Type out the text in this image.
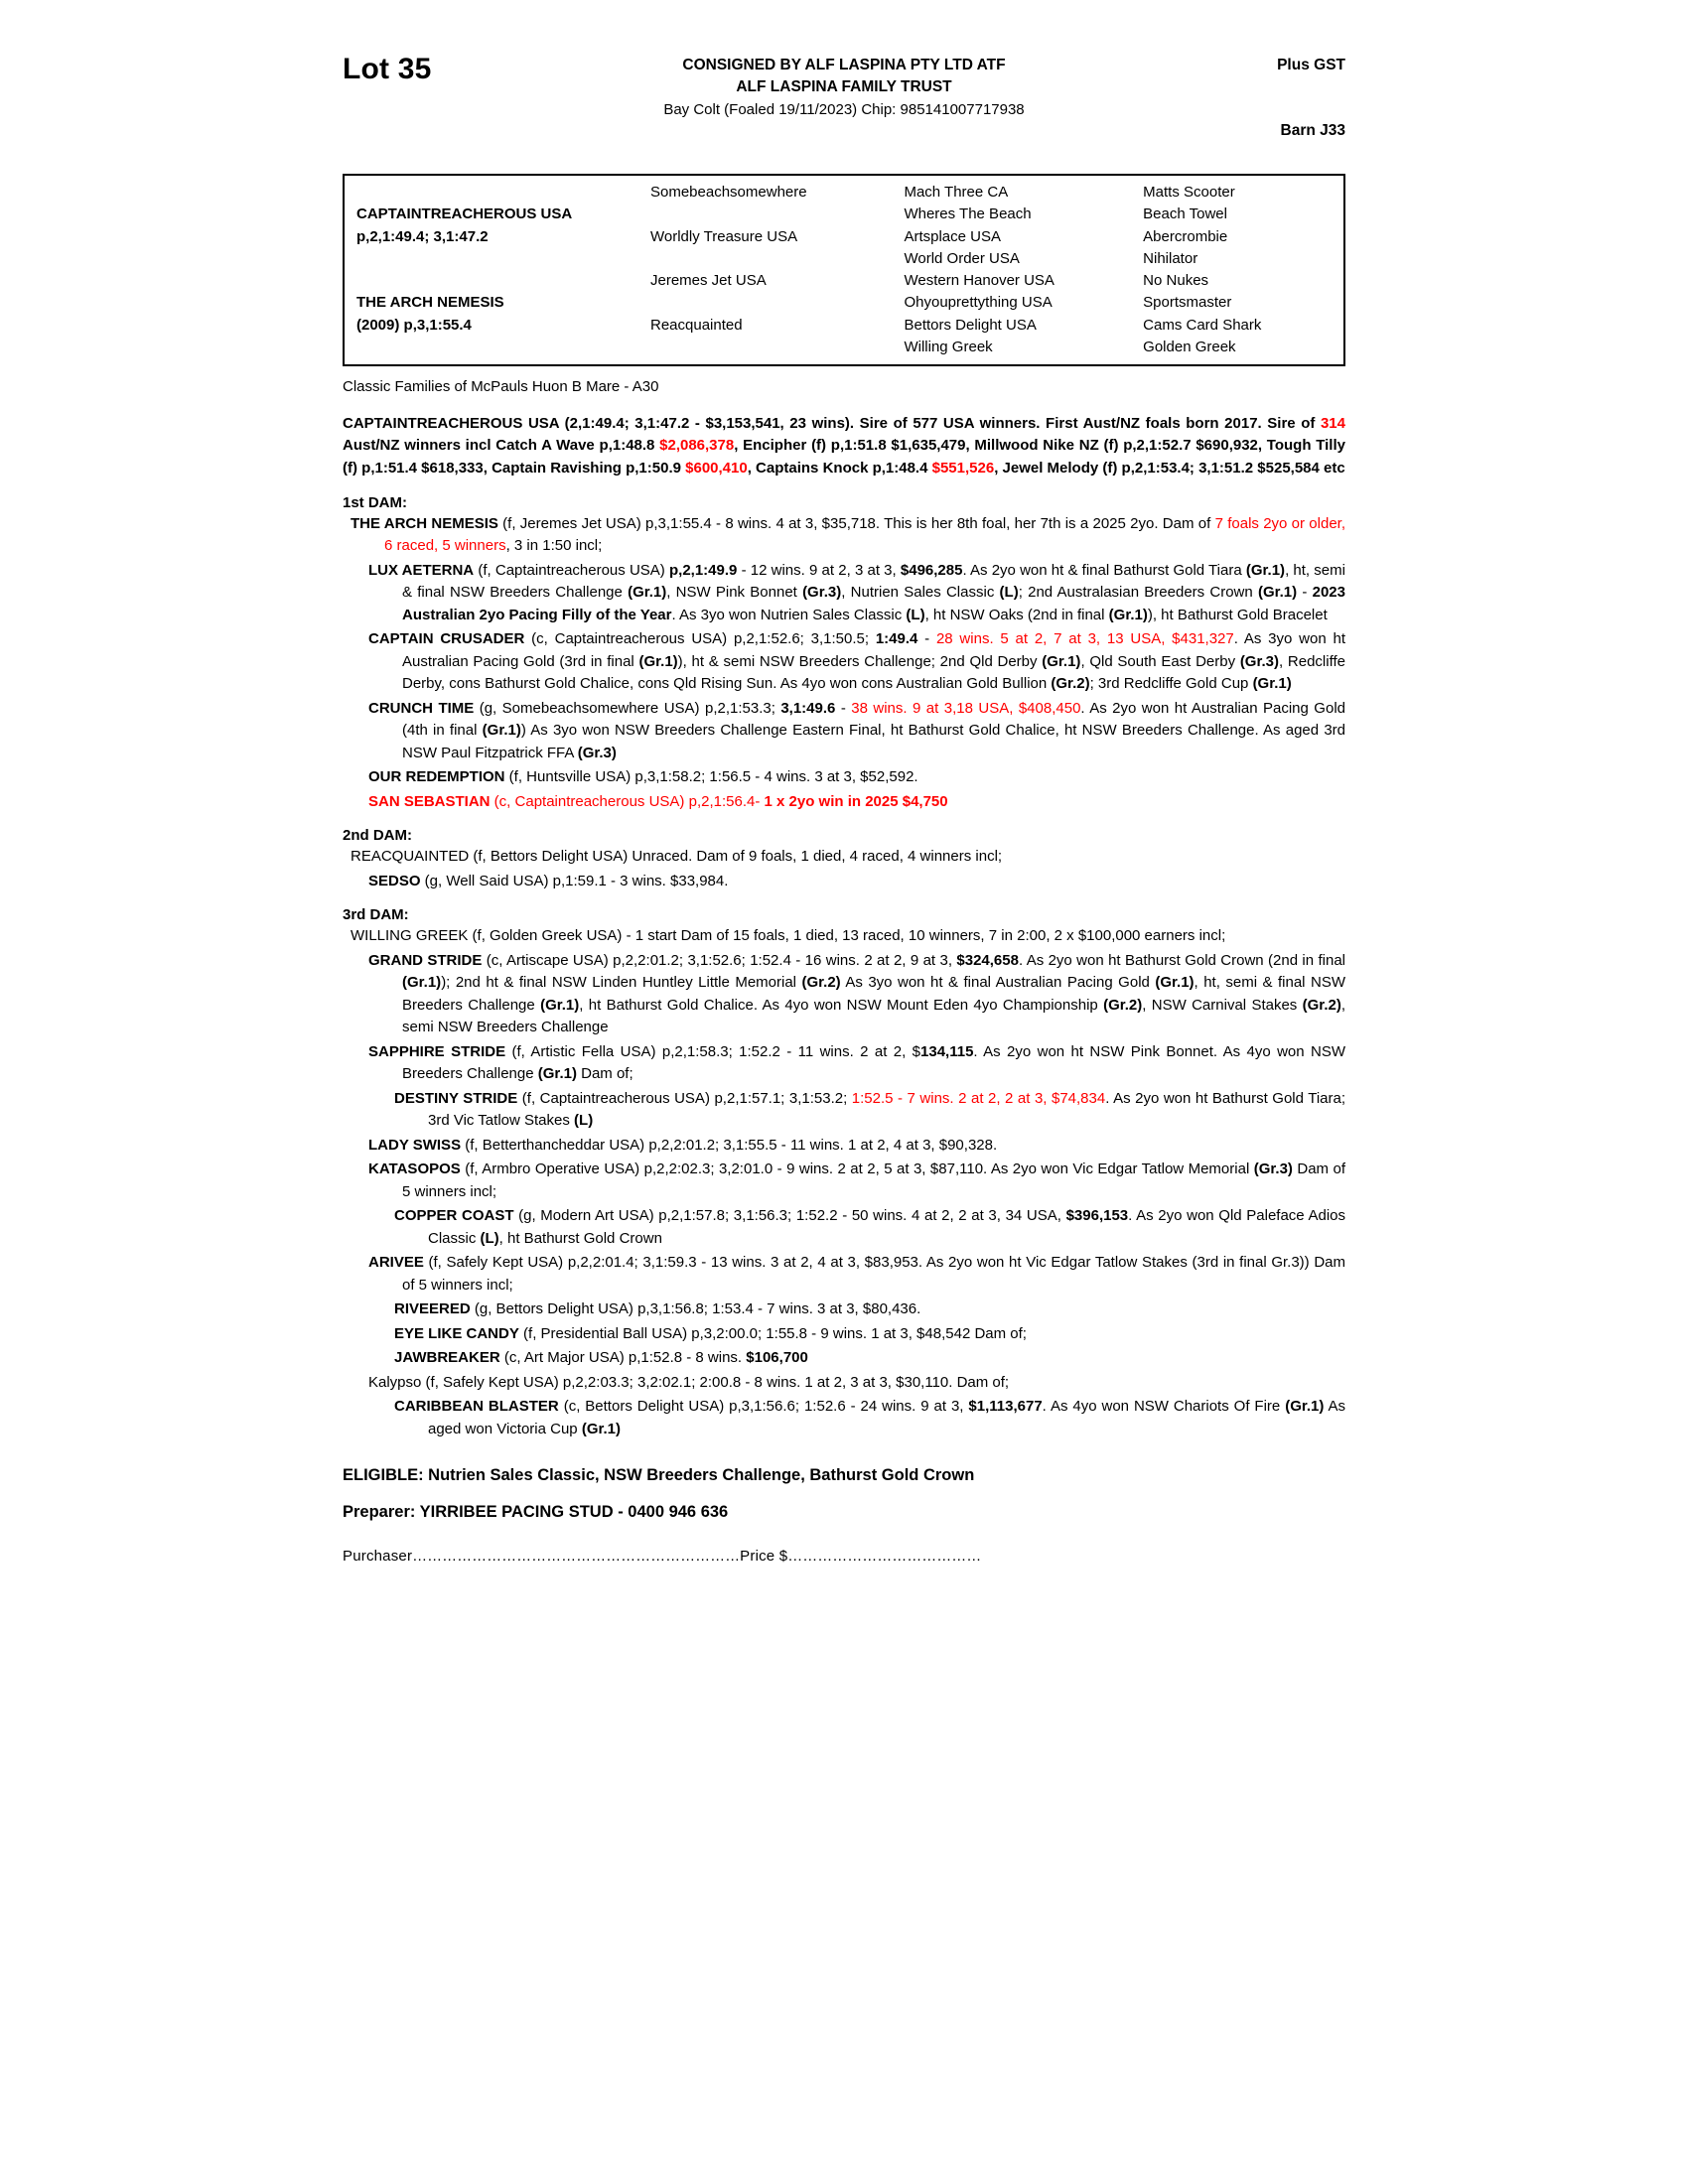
Lot 35	CONSIGNED BY ALF LASPINA PTY LTD ATF
ALF LASPINA FAMILY TRUST
Bay Colt (Foaled 19/11/2023) Chip: 985141007717938
Plus GST
Barn J33
	Somebeachsomewhere	Mach Three CA	Matts Scooter
CAPTAINTREACHEROUS USA		Wheres The Beach	Beach Towel
p,2,1:49.4; 3,1:47.2	Worldly Treasure USA	Artsplace USA	Abercrombie
		World Order USA	Nihilator
	Jeremes Jet USA	Western Hanover USA	No Nukes
THE ARCH NEMESIS		Ohyouprettything USA	Sportsmaster
(2009) p,3,1:55.4	Reacquainted	Bettors Delight USA	Cams Card Shark
		Willing Greek	Golden Greek
Classic Families of McPauls Huon B Mare - A30
CAPTAINTREACHEROUS USA (2,1:49.4; 3,1:47.2 - $3,153,541, 23 wins). Sire of 577 USA winners. First Aust/NZ foals born 2017. Sire of 314 Aust/NZ winners incl Catch A Wave p,1:48.8 $2,086,378, Encipher (f) p,1:51.8 $1,635,479, Millwood Nike NZ (f) p,2,1:52.7 $690,932, Tough Tilly (f) p,1:51.4 $618,333, Captain Ravishing p,1:50.9 $600,410, Captains Knock p,1:48.4 $551,526, Jewel Melody (f) p,2,1:53.4; 3,1:51.2 $525,584 etc
1st DAM:
THE ARCH NEMESIS (f, Jeremes Jet USA) p,3,1:55.4 - 8 wins. 4 at 3, $35,718. This is her 8th foal, her 7th is a 2025 2yo. Dam of 7 foals 2yo or older, 6 raced, 5 winners, 3 in 1:50 incl;
LUX AETERNA (f, Captaintreacherous USA) p,2,1:49.9 - 12 wins. 9 at 2, 3 at 3, $496,285. As 2yo won ht & final Bathurst Gold Tiara (Gr.1), ht, semi & final NSW Breeders Challenge (Gr.1), NSW Pink Bonnet (Gr.3), Nutrien Sales Classic (L); 2nd Australasian Breeders Crown (Gr.1) - 2023 Australian 2yo Pacing Filly of the Year. As 3yo won Nutrien Sales Classic (L), ht NSW Oaks (2nd in final (Gr.1)), ht Bathurst Gold Bracelet
CAPTAIN CRUSADER (c, Captaintreacherous USA) p,2,1:52.6; 3,1:50.5; 1:49.4 - 28 wins. 5 at 2, 7 at 3, 13 USA, $431,327. As 3yo won ht Australian Pacing Gold (3rd in final (Gr.1)), ht & semi NSW Breeders Challenge; 2nd Qld Derby (Gr.1), Qld South East Derby (Gr.3), Redcliffe Derby, cons Bathurst Gold Chalice, cons Qld Rising Sun. As 4yo won cons Australian Gold Bullion (Gr.2); 3rd Redcliffe Gold Cup (Gr.1)
CRUNCH TIME (g, Somebeachsomewhere USA) p,2,1:53.3; 3,1:49.6 - 38 wins. 9 at 3,18 USA, $408,450. As 2yo won ht Australian Pacing Gold (4th in final (Gr.1)) As 3yo won NSW Breeders Challenge Eastern Final, ht Bathurst Gold Chalice, ht NSW Breeders Challenge. As aged 3rd NSW Paul Fitzpatrick FFA (Gr.3)
OUR REDEMPTION (f, Huntsville USA) p,3,1:58.2; 1:56.5 - 4 wins. 3 at 3, $52,592.
SAN SEBASTIAN (c, Captaintreacherous USA) p,2,1:56.4- 1 x 2yo win in 2025 $4,750
2nd DAM:
REACQUAINTED (f, Bettors Delight USA) Unraced. Dam of 9 foals, 1 died, 4 raced, 4 winners incl;
SEDSO (g, Well Said USA) p,1:59.1 - 3 wins. $33,984.
3rd DAM:
WILLING GREEK (f, Golden Greek USA) - 1 start Dam of 15 foals, 1 died, 13 raced, 10 winners, 7 in 2:00, 2 x $100,000 earners incl;
GRAND STRIDE (c, Artiscape USA) p,2,2:01.2; 3,1:52.6; 1:52.4 - 16 wins. 2 at 2, 9 at 3, $324,658. As 2yo won ht Bathurst Gold Crown (2nd in final (Gr.1)); 2nd ht & final NSW Linden Huntley Little Memorial (Gr.2) As 3yo won ht & final Australian Pacing Gold (Gr.1), ht, semi & final NSW Breeders Challenge (Gr.1), ht Bathurst Gold Chalice. As 4yo won NSW Mount Eden 4yo Championship (Gr.2), NSW Carnival Stakes (Gr.2), semi NSW Breeders Challenge
SAPPHIRE STRIDE (f, Artistic Fella USA) p,2,1:58.3; 1:52.2 - 11 wins. 2 at 2, $134,115. As 2yo won ht NSW Pink Bonnet. As 4yo won NSW Breeders Challenge (Gr.1) Dam of;
DESTINY STRIDE (f, Captaintreacherous USA) p,2,1:57.1; 3,1:53.2; 1:52.5 - 7 wins. 2 at 2, 2 at 3, $74,834. As 2yo won ht Bathurst Gold Tiara; 3rd Vic Tatlow Stakes (L)
LADY SWISS (f, Betterthancheddar USA) p,2,2:01.2; 3,1:55.5 - 11 wins. 1 at 2, 4 at 3, $90,328.
KATASOPOS (f, Armbro Operative USA) p,2,2:02.3; 3,2:01.0 - 9 wins. 2 at 2, 5 at 3, $87,110. As 2yo won Vic Edgar Tatlow Memorial (Gr.3) Dam of 5 winners incl;
COPPER COAST (g, Modern Art USA) p,2,1:57.8; 3,1:56.3; 1:52.2 - 50 wins. 4 at 2, 2 at 3, 34 USA, $396,153. As 2yo won Qld Paleface Adios Classic (L), ht Bathurst Gold Crown
ARIVEE (f, Safely Kept USA) p,2,2:01.4; 3,1:59.3 - 13 wins. 3 at 2, 4 at 3, $83,953. As 2yo won ht Vic Edgar Tatlow Stakes (3rd in final Gr.3)) Dam of 5 winners incl;
RIVEERED (g, Bettors Delight USA) p,3,1:56.8; 1:53.4 - 7 wins. 3 at 3, $80,436.
EYE LIKE CANDY (f, Presidential Ball USA) p,3,2:00.0; 1:55.8 - 9 wins. 1 at 3, $48,542 Dam of;
JAWBREAKER (c, Art Major USA) p,1:52.8 - 8 wins. $106,700
Kalypso (f, Safely Kept USA) p,2,2:03.3; 3,2:02.1; 2:00.8 - 8 wins. 1 at 2, 3 at 3, $30,110. Dam of;
CARIBBEAN BLASTER (c, Bettors Delight USA) p,3,1:56.6; 1:52.6 - 24 wins. 9 at 3, $1,113,677. As 4yo won NSW Chariots Of Fire (Gr.1) As aged won Victoria Cup (Gr.1)
ELIGIBLE: Nutrien Sales Classic, NSW Breeders Challenge, Bathurst Gold Crown
Preparer: YIRRIBEE PACING STUD - 0400 946 636
Purchaser…………………………………………………………Price $…………………………………
